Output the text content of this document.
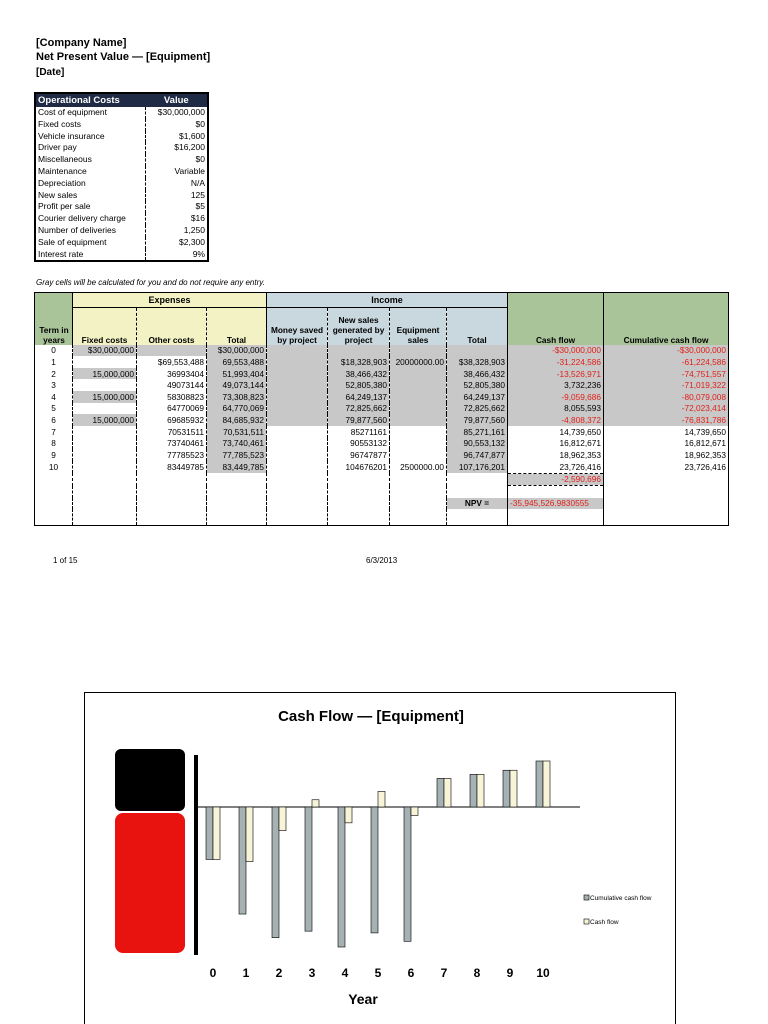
[Company Name]
Net Present Value — [Equipment]
[Date]
Operational Costs	Value
Cost of equipment	$30,000,000
Fixed costs	$0
Vehicle insurance	$1,600
Driver pay	$16,200
Miscellaneous	$0
Maintenance	Variable
Depreciation	N/A
New sales	125
Profit per sale	$5
Courier delivery charge	$16
Number of deliveries	1,250
Sale of equipment	$2,300
Interest rate	9%
Gray cells will be calculated for you and do not require any entry.
Term in years	Expenses			Income				Cash flow	Cumulative cash flow
	Fixed costs	Other costs	Total	Money saved by project	New sales generated by project	Equipment sales	Total		
0	$30,000,000		$30,000,000					-$30,000,000	-$30,000,000
1		$69,553,488	69,553,488		$18,328,903	20000000.00	$38,328,903	-31,224,586	-61,224,586
2	15,000,000	36993404	51,993,404		38,466,432		38,466,432	-13,526,971	-74,751,557
3		49073144	49,073,144		52,805,380		52,805,380	3,732,236	-71,019,322
4	15,000,000	58308823	73,308,823		64,249,137		64,249,137	-9,059,686	-80,079,008
5		64770069	64,770,069		72,825,662		72,825,662	8,055,593	-72,023,414
6	15,000,000	69685932	84,685,932		79,877,560		79,877,560	-4,808,372	-76,831,786
7		70531511	70,531,511		85271161		85,271,161	14,739,650	14,739,650
8		73740461	73,740,461		90553132		90,553,132	16,812,671	16,812,671
9		77785523	77,785,523		96747877		96,747,877	18,962,353	18,962,353
10		83449785	83,449,785		104676201	2500000.00	107,176,201	23,726,416	23,726,416
								-2,590,696	

							NPV =	-35,945,526.9830555	

1 of 15	6/3/2013
Cash Flow — [Equipment]
0 1 2 3 4 5 6 7 8 9 10
Year
Cumulative cash flow
Cash flow
